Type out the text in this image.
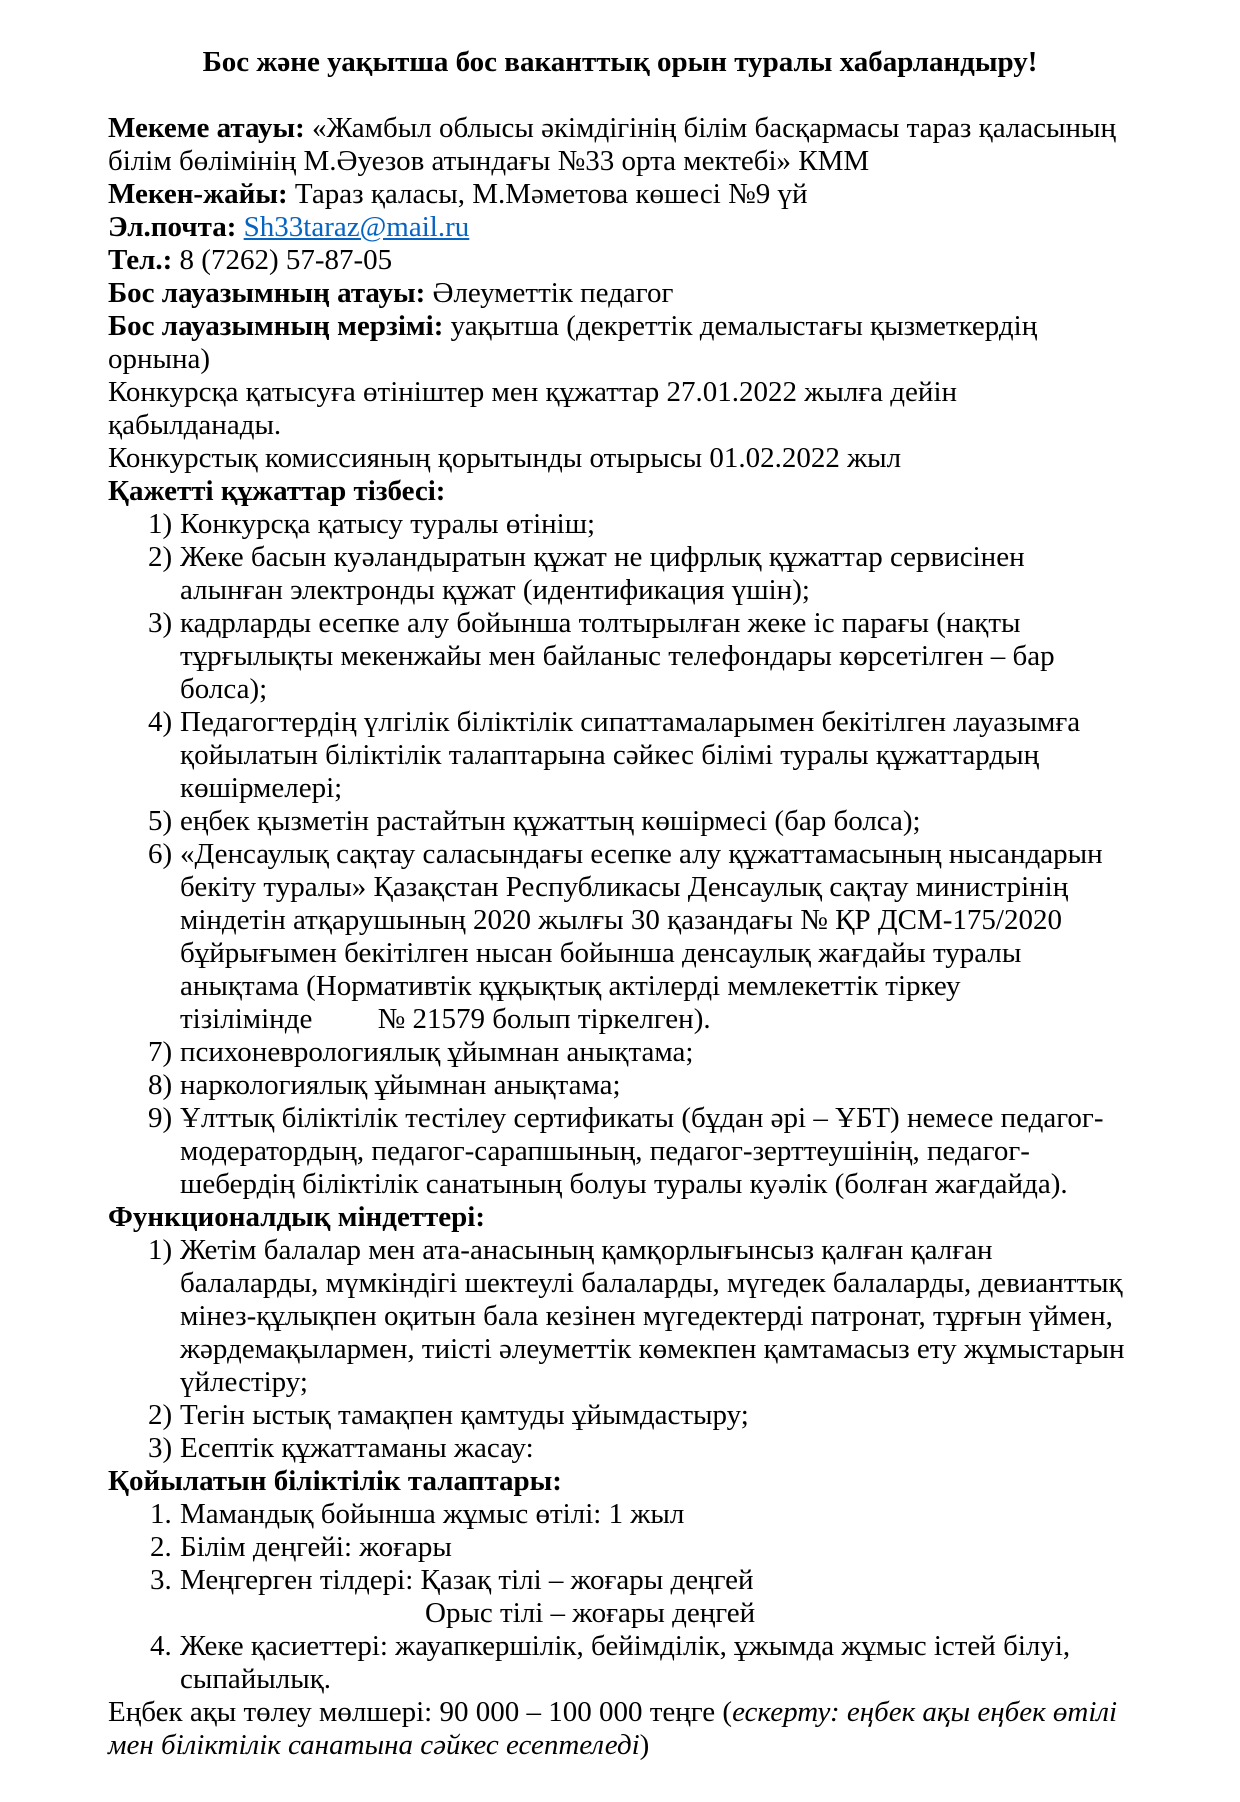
Бос және уақытша бос ваканттық орын туралы хабарландыру!
Мекеме атауы: «Жамбыл облысы әкімдігінің білім басқармасы тараз қаласының білім бөлімінің М.Әуезов атындағы №33 орта мектебі» КММ
Мекен-жайы: Тараз қаласы, М.Мәметова көшесі №9 үй
Эл.почта: Sh33taraz@mail.ru
Тел.: 8 (7262) 57-87-05
Бос лауазымның атауы: Әлеуметтік педагог
Бос лауазымның мерзімі: уақытша (декреттік демалыстағы қызметкердің орнына)
Конкурсқа қатысуға өтініштер мен құжаттар 27.01.2022 жылға дейін қабылданады.
Конкурстық комиссияның қорытынды отырысы 01.02.2022 жыл
Қажетті құжаттар тізбесі:
Конкурсқа қатысу туралы өтініш;
Жеке басын куәландыратын құжат не цифрлық құжаттар сервисінен алынған электронды құжат (идентификация үшін);
кадрларды есепке алу бойынша толтырылған жеке іс парағы (нақты тұрғылықты мекенжайы мен байланыс телефондары көрсетілген – бар болса);
Педагогтердің үлгілік біліктілік сипаттамаларымен бекітілген лауазымға қойылатын біліктілік талаптарына сәйкес білімі туралы құжаттардың көшірмелері;
еңбек қызметін растайтын құжаттың көшірмесі (бар болса);
«Денсаулық сақтау саласындағы есепке алу құжаттамасының нысандарын бекіту туралы» Қазақстан Республикасы Денсаулық сақтау министрінің міндетін атқарушының 2020 жылғы 30 қазандағы № ҚР ДСМ-175/2020 бұйрығымен бекітілген нысан бойынша денсаулық жағдайы туралы анықтама (Нормативтік құқықтық актілерді мемлекеттік тіркеу тізілімінде         № 21579 болып тіркелген).
психоневрологиялық ұйымнан анықтама;
наркологиялық ұйымнан анықтама;
Ұлттық біліктілік тестілеу сертификаты (бұдан әрі – ҰБТ) немесе педагог-модератордың, педагог-сарапшының, педагог-зерттеушінің, педагог-шебердің біліктілік санатының болуы туралы куәлік (болған жағдайда).
Функционалдық міндеттері:
Жетім балалар мен ата-анасының қамқорлығынсыз қалған қалған балаларды, мүмкіндігі шектеулі балаларды, мүгедек балаларды, девианттық мінез-құлықпен оқитын бала кезінен мүгедектерді патронат, тұрғын үймен, жәрдемақылармен, тиісті әлеуметтік көмекпен қамтамасыз ету жұмыстарын үйлестіру;
Тегін ыстық тамақпен қамтуды ұйымдастыру;
Есептік құжаттаманы жасау:
Қойылатын біліктілік талаптары:
Мамандық бойынша жұмыс өтілі: 1 жыл
Білім деңгейі: жоғары
Меңгерген тілдері: Қазақ тілі – жоғары деңгей
Орыс тілі – жоғары деңгей
Жеке қасиеттері: жауапкершілік, бейімділік, ұжымда жұмыс істей білуі, сыпайылық.
Еңбек ақы төлеу мөлшері: 90 000 – 100 000 теңге (ескерту: еңбек ақы еңбек өтілі мен біліктілік санатына сәйкес есептеледі)
